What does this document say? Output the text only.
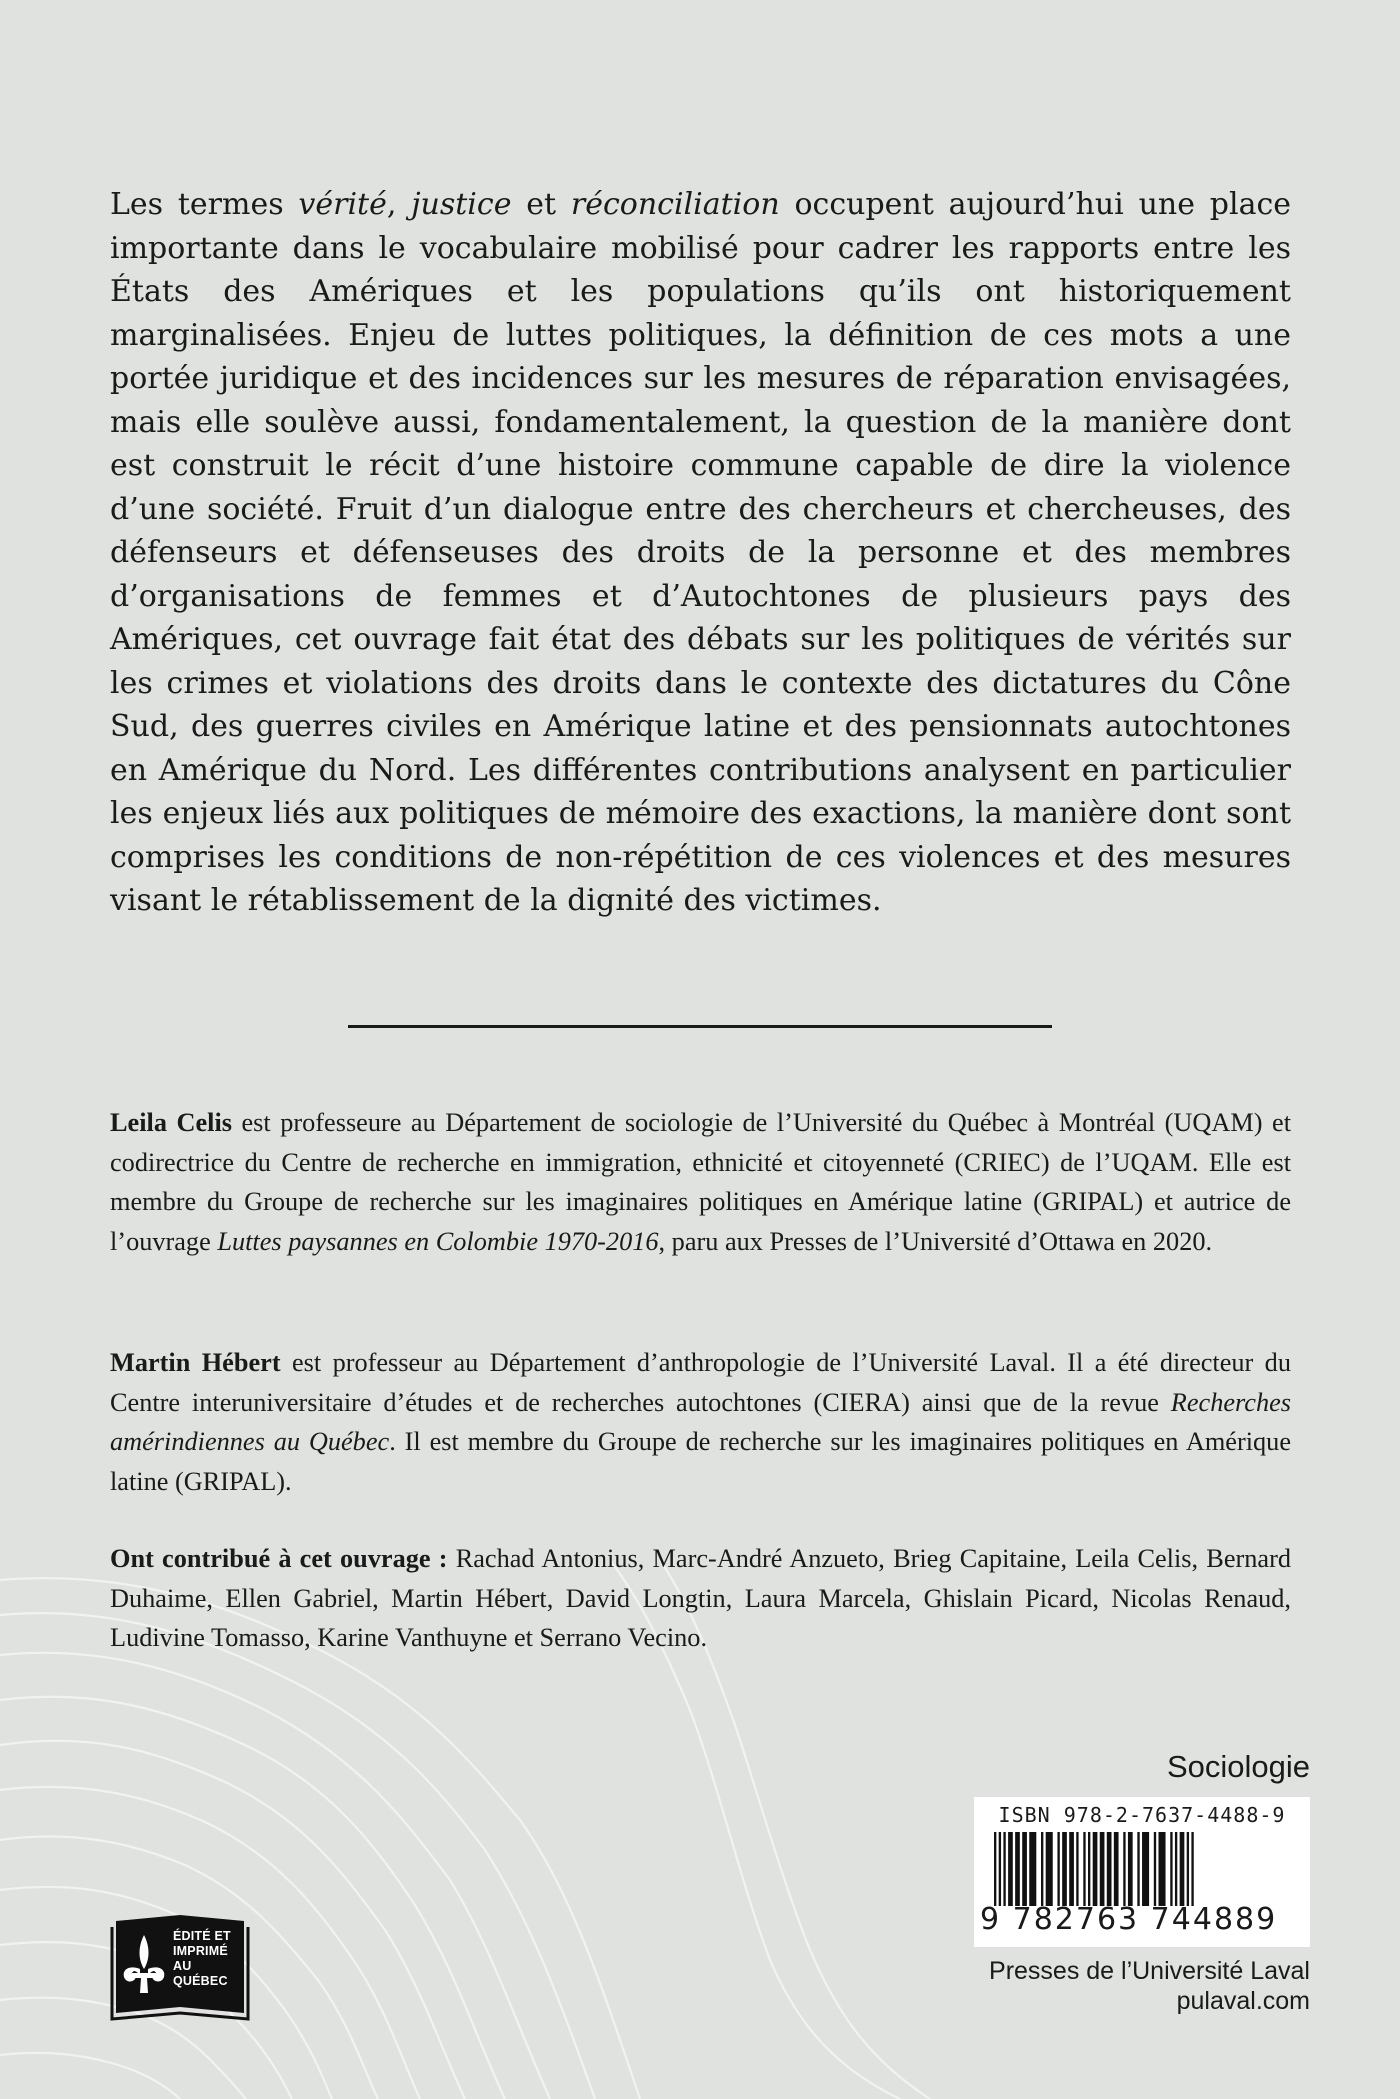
Les termes vérité, justice et réconciliation occupent aujourd’hui une place importante dans le vocabulaire mobilisé pour cadrer les rapports entre les États des Amériques et les populations qu’ils ont historiquement marginalisées. Enjeu de luttes politiques, la définition de ces mots a une portée juridique et des incidences sur les mesures de réparation envisagées, mais elle soulève aussi, fondamentalement, la question de la manière dont est construit le récit d’une histoire commune capable de dire la violence d’une société. Fruit d’un dialogue entre des chercheurs et chercheuses, des défenseurs et défenseuses des droits de la personne et des membres d’organisations de femmes et d’Autochtones de plusieurs pays des Amériques, cet ouvrage fait état des débats sur les politiques de vérités sur les crimes et violations des droits dans le contexte des dictatures du Cône Sud, des guerres civiles en Amérique latine et des pensionnats autochtones en Amérique du Nord. Les différentes contributions analysent en particulier les enjeux liés aux politiques de mémoire des exactions, la manière dont sont comprises les conditions de non-répétition de ces violences et des mesures visant le rétablissement de la dignité des victimes.
Leila Celis est professeure au Département de sociologie de l’Université du Québec à Montréal (UQAM) et codirectrice du Centre de recherche en immigration, ethnicité et citoyenneté (CRIEC) de l’UQAM. Elle est membre du Groupe de recherche sur les imaginaires politiques en Amérique latine (GRIPAL) et autrice de l’ouvrage Luttes paysannes en Colombie 1970-2016, paru aux Presses de l’Université d’Ottawa en 2020.
Martin Hébert est professeur au Département d’anthropologie de l’Université Laval. Il a été directeur du Centre interuniversitaire d’études et de recherches autochtones (CIERA) ainsi que de la revue Recherches amérindiennes au Québec. Il est membre du Groupe de recherche sur les imaginaires politiques en Amérique latine (GRIPAL).
Ont contribué à cet ouvrage : Rachad Antonius, Marc-André Anzueto, Brieg Capitaine, Leila Celis, Bernard Duhaime, Ellen Gabriel, Martin Hébert, David Longtin, Laura Marcela, Ghislain Picard, Nicolas Renaud, Ludivine Tomasso, Karine Vanthuyne et Serrano Vecino.
Sociologie
ISBN 978-2-7637-4488-9
9 782763 744889
ÉDITÉ ET
IMPRIMÉ
AU QUÉBEC	Presses de l’Université Laval
pulaval.com
